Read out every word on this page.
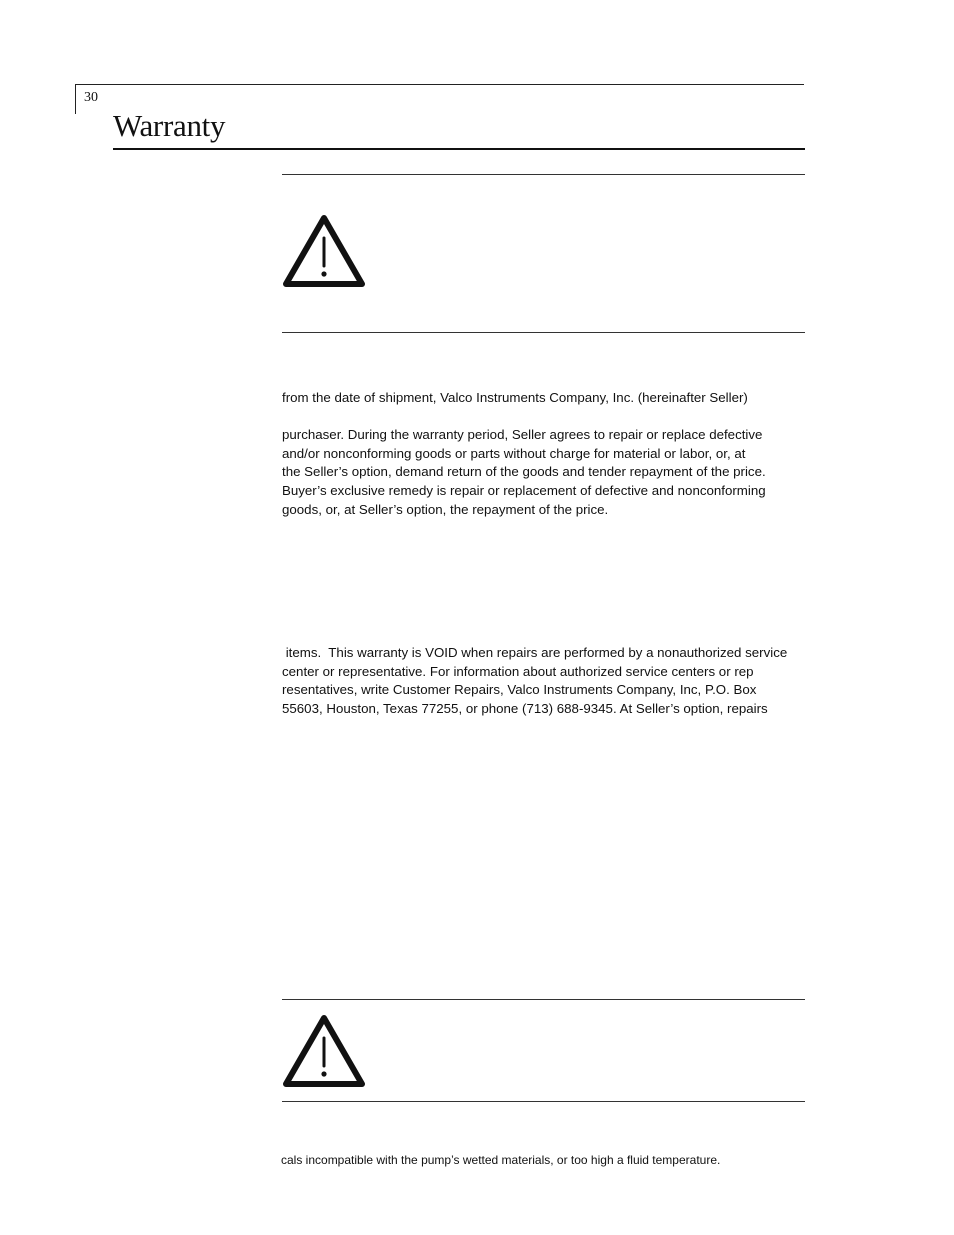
30
Warranty
from the date of shipment, Valco Instruments Company, Inc. (hereinafter Seller)
purchaser. During the warranty period, Seller agrees to repair or replace defective
and/or nonconforming goods or parts without charge for material or labor, or, at
the Seller’s option, demand return of the goods and tender repayment of the price.
Buyer’s exclusive remedy is repair or replacement of defective and nonconforming
goods, or, at Seller’s option, the repayment of the price.
items.  This warranty is VOID when repairs are performed by a nonauthorized service
center or representative. For information about authorized service centers or rep
resentatives, write Customer Repairs, Valco Instruments Company, Inc, P.O. Box
55603, Houston, Texas 77255, or phone (713) 688-9345. At Seller’s option, repairs
cals incompatible with the pump’s wetted materials, or too high a fluid temperature.
